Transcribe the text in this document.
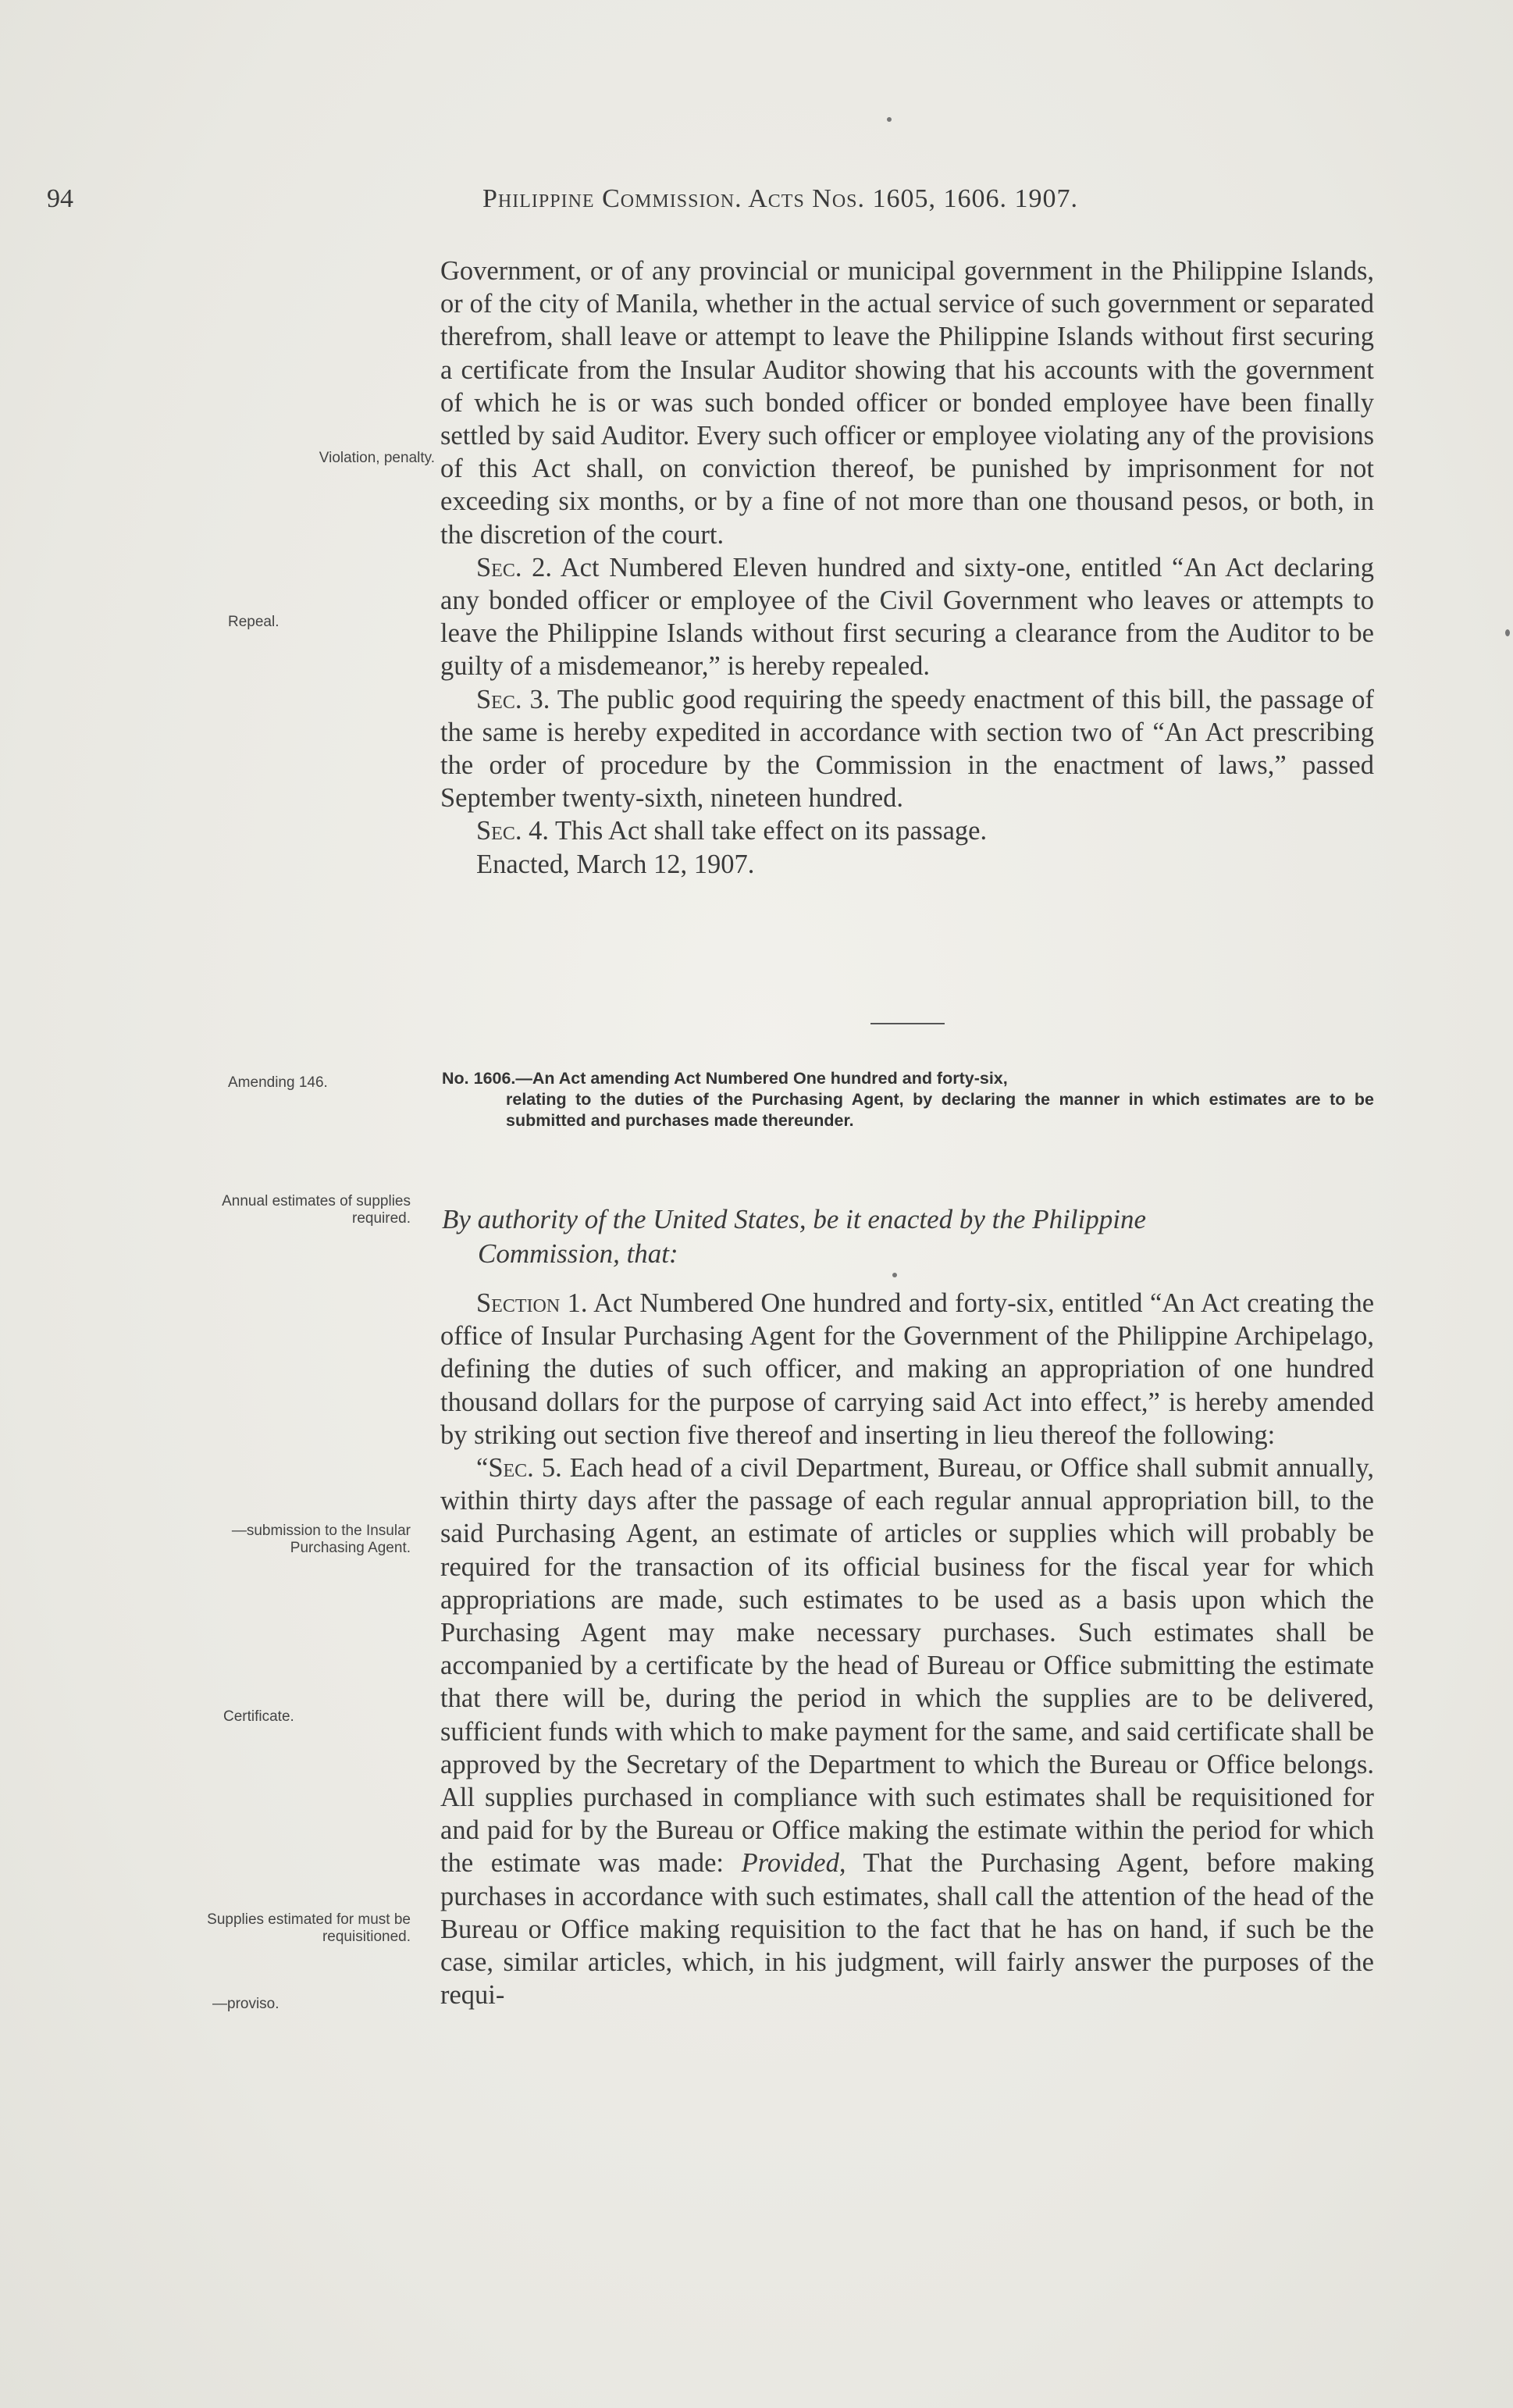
94	Philippine Commission. Acts Nos. 1605, 1606. 1907.

Government, or of any provincial or municipal government in the Philippine Islands, or of the city of Manila, whether in the actual service of such government or separated therefrom, shall leave or attempt to leave the Philippine Islands without first securing a certificate from the Insular Auditor showing that his accounts with the government of which he is or was such bonded officer or bonded employee have been finally settled by said Auditor. Every such officer or employee violating any of the provisions of this Act shall, on conviction thereof, be punished by imprisonment for not exceeding six months, or by a fine of not more than one thousand pesos, or both, in the discretion of the court.

Sec. 2. Act Numbered Eleven hundred and sixty-one, entitled “An Act declaring any bonded officer or employee of the Civil Government who leaves or attempts to leave the Philippine Islands without first securing a clearance from the Auditor to be guilty of a misdemeanor,” is hereby repealed.

Sec. 3. The public good requiring the speedy enactment of this bill, the passage of the same is hereby expedited in accordance with section two of “An Act prescribing the order of procedure by the Commission in the enactment of laws,” passed September twenty-sixth, nineteen hundred.

Sec. 4. This Act shall take effect on its passage.

Enacted, March 12, 1907.

No. 1606.—An Act amending Act Numbered One hundred and forty-six,
relating to the duties of the Purchasing Agent, by declaring the manner in which estimates are to be submitted and purchases made thereunder.
By authority of the United States, be it enacted by the Philippine
Commission, that:

Section 1. Act Numbered One hundred and forty-six, entitled “An Act creating the office of Insular Purchasing Agent for the Government of the Philippine Archipelago, defining the duties of such officer, and making an appropriation of one hundred thousand dollars for the purpose of carrying said Act into effect,” is hereby amended by striking out section five thereof and inserting in lieu thereof the following:

“Sec. 5. Each head of a civil Department, Bureau, or Office shall submit annually, within thirty days after the passage of each regular annual appropriation bill, to the said Purchasing Agent, an estimate of articles or supplies which will probably be required for the transaction of its official business for the fiscal year for which appropriations are made, such estimates to be used as a basis upon which the Purchasing Agent may make necessary purchases. Such estimates shall be accompanied by a certificate by the head of Bureau or Office submitting the estimate that there will be, during the period in which the supplies are to be delivered, sufficient funds with which to make payment for the same, and said certificate shall be approved by the Secretary of the Department to which the Bureau or Office belongs. All supplies purchased in compliance with such estimates shall be requisitioned for and paid for by the Bureau or Office making the estimate within the period for which the estimate was made: Provided, That the Purchasing Agent, before making purchases in accordance with such estimates, shall call the attention of the head of the Bureau or Office making requisition to the fact that he has on hand, if such be the case, similar articles, which, in his judgment, will fairly answer the purposes of the requi-

Violation, penalty.
Repeal.
Amending 146.
Annual estimates of supplies required.
—submission to the Insular Purchasing Agent.
Certificate.
Supplies estimated for must be requisitioned.
—proviso.
